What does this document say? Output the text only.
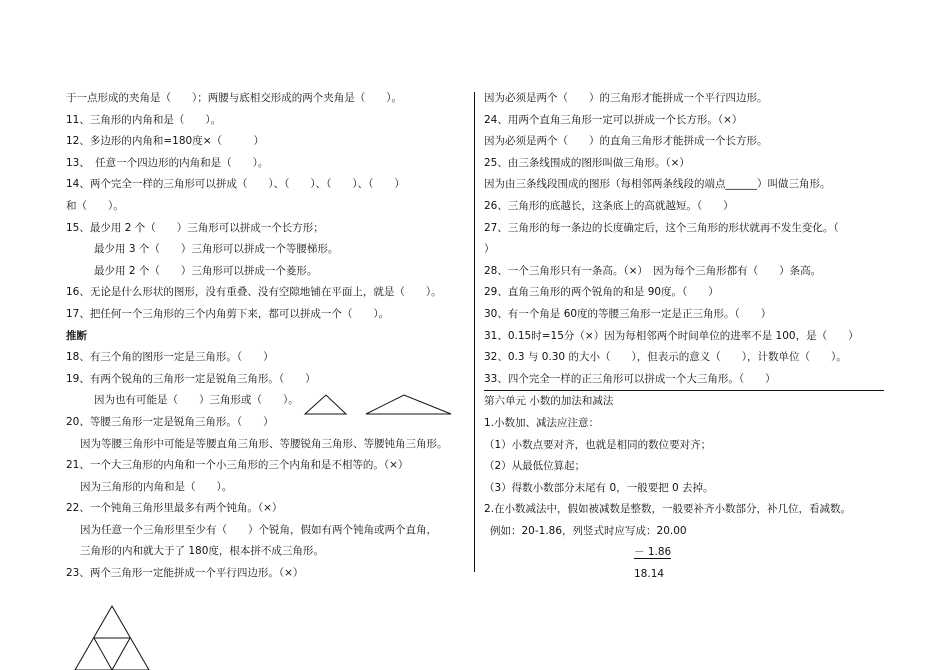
于一点形成的夹角是（　　）；两腰与底相交形成的两个夹角是（　　）。
11、三角形的内角和是（　　）。
12、多边形的内角和=180度×（　　　）
13、　任意一个四边形的内角和是（　　）。
14、两个完全一样的三角形可以拼成（　　）、（　　）、（　　）、（　　）
和（　　）。
15、最少用 2 个（　　）三角形可以拼成一个长方形；
最少用 3 个（　　）三角形可以拼成一个等腰梯形。
最少用 2 个（　　）三角形可以拼成一个菱形。
16、无论是什么形状的图形，没有重叠、没有空隙地铺在平面上，就是（　　）。
17、把任何一个三角形的三个内角剪下来，都可以拼成一个（　　）。
推断
18、有三个角的图形一定是三角形。（　　）
19、有两个锐角的三角形一定是锐角三角形。（　　）
因为也有可能是（　　）三角形或（　　）。
20、等腰三角形一定是锐角三角形。（　　）
因为等腰三角形中可能是等腰直角三角形、等腰锐角三角形、等腰钝角三角形。
21、一个大三角形的内角和一个小三角形的三个内角和是不相等的。（×）
因为三角形的内角和是（　　）。
22、一个钝角三角形里最多有两个钝角。（×）
因为任意一个三角形里至少有（　　）个锐角，假如有两个钝角或两个直角，
三角形的内和就大于了 180度，根本拼不成三角形。
23、两个三角形一定能拼成一个平行四边形。（×）
因为必须是两个（　　）的三角形才能拼成一个平行四边形。
24、用两个直角三角形一定可以拼成一个长方形。（×）
因为必须是两个（　　）的直角三角形才能拼成一个长方形。
25、由三条线围成的图形叫做三角形。（×）
因为由三条线段围成的图形（每相邻两条线段的端点______）叫做三角形。
26、三角形的底越长，这条底上的高就越短。（　　）
27、三角形的每一条边的长度确定后，这个三角形的形状就再不发生变化。（
）
28、一个三角形只有一条高。（×）　因为每个三角形都有（　　）条高。
29、直角三角形的两个锐角的和是 90度。（　　）
30、有一个角是 60度的等腰三角形一定是正三角形。（　　）
31、0.15时=15分（×）因为每相邻两个时间单位的进率不是 100，是（　　）
32、0.3 与 0.30 的大小（　　），但表示的意义（　　），计数单位（　　）。
33、四个完全一样的正三角形可以拼成一个大三角形。（　　）
第六单元 小数的加法和减法
1.小数加、减法应注意：
（1）小数点要对齐，也就是相同的数位要对齐；
（2）从最低位算起；
（3）得数小数部分末尾有 0，一般要把 0 去掉。
2.在小数减法中，假如被减数是整数，一般要补齐小数部分，补几位，看减数。
例如：20-1.86，列竖式时应写成：20.00
－ 1.86
18.14
